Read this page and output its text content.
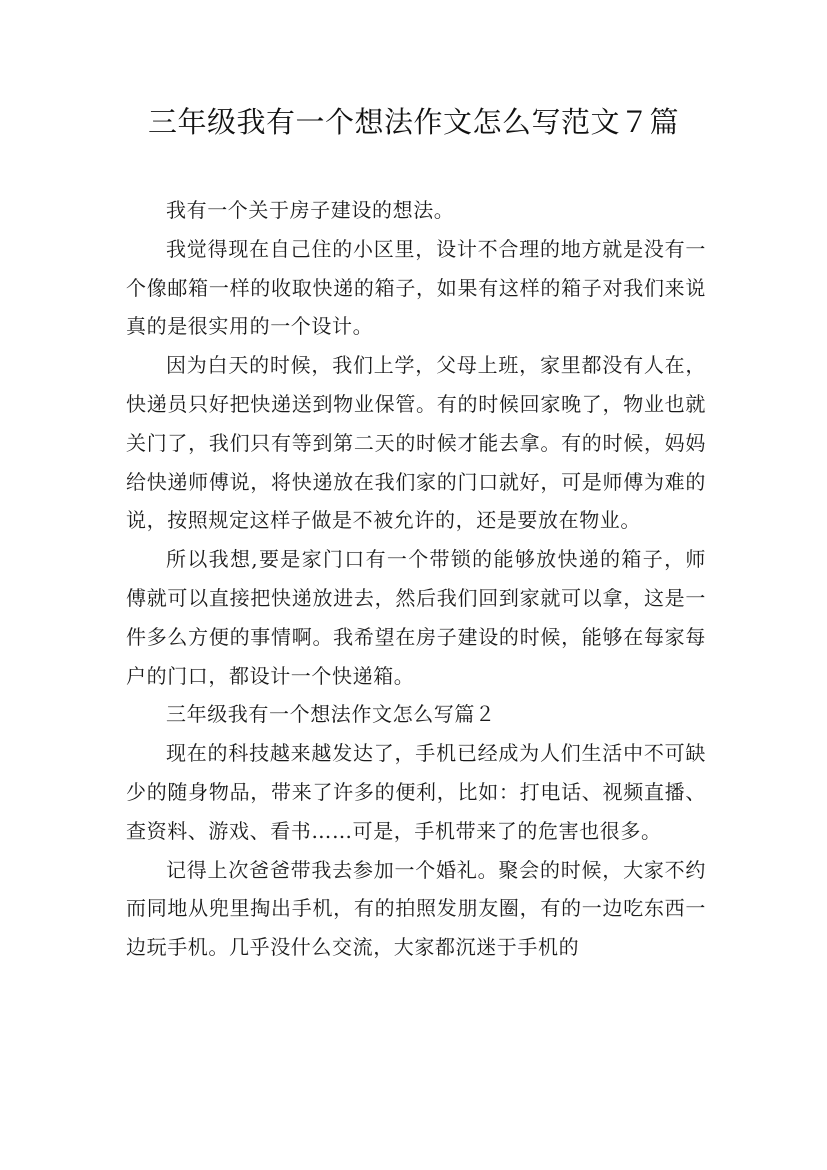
三年级我有一个想法作文怎么写范文７篇

我有一个关于房子建设的想法。

我觉得现在自己住的小区里，设计不合理的地方就是没有一个像邮箱一样的收取快递的箱子，如果有这样的箱子对我们来说真的是很实用的一个设计。

因为白天的时候，我们上学，父母上班，家里都没有人在，快递员只好把快递送到物业保管。有的时候回家晚了，物业也就关门了，我们只有等到第二天的时候才能去拿。有的时候，妈妈给快递师傅说，将快递放在我们家的门口就好，可是师傅为难的说，按照规定这样子做是不被允许的，还是要放在物业。

所以我想,要是家门口有一个带锁的能够放快递的箱子，师傅就可以直接把快递放进去，然后我们回到家就可以拿，这是一件多么方便的事情啊。我希望在房子建设的时候，能够在每家每户的门口，都设计一个快递箱。

三年级我有一个想法作文怎么写篇２

现在的科技越来越发达了，手机已经成为人们生活中不可缺少的随身物品，带来了许多的便利，比如：打电话、视频直播、查资料、游戏、看书……可是，手机带来了的危害也很多。

记得上次爸爸带我去参加一个婚礼。聚会的时候，大家不约而同地从兜里掏出手机，有的拍照发朋友圈，有的一边吃东西一边玩手机。几乎没什么交流，大家都沉迷于手机的
